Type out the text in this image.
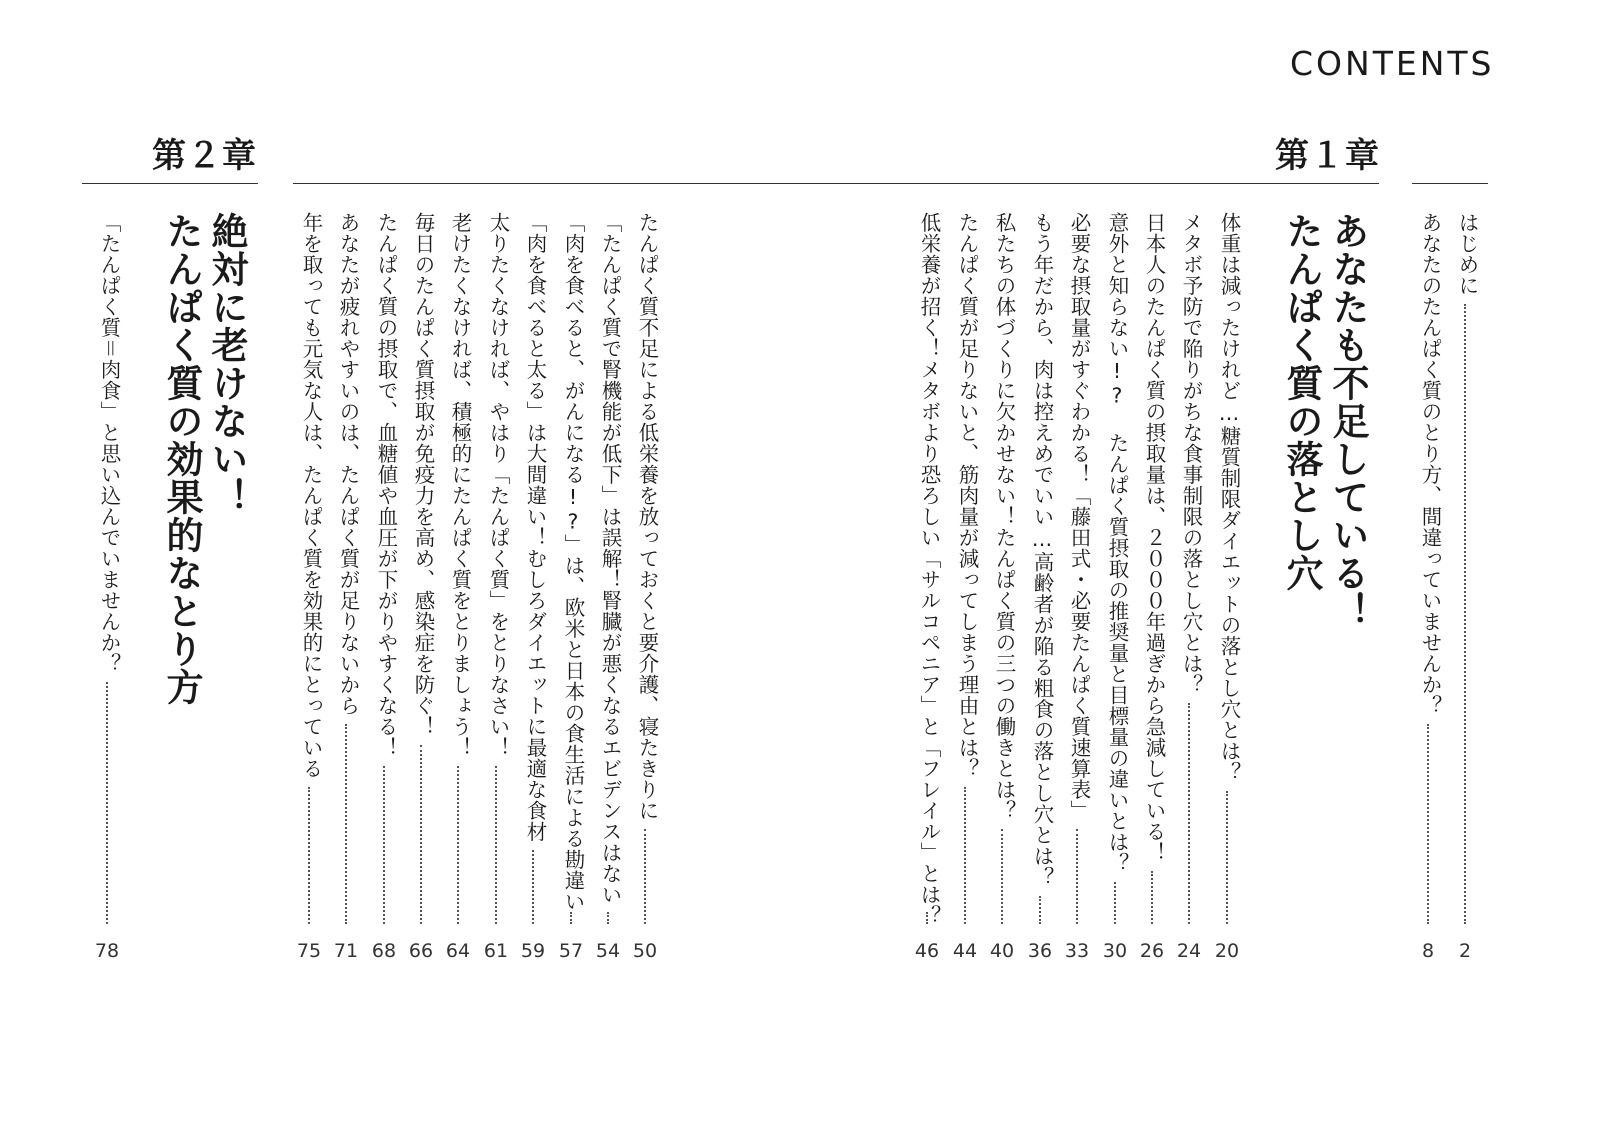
CONTENTS
第１章
第２章
はじめに
2
あなたのたんぱく質のとり方、間違っていませんか？
8
あなたも不足している！
たんぱく質の落とし穴
体重は減ったけれど…糖質制限ダイエットの落とし穴とは？
20
メタボ予防で陥りがちな食事制限の落とし穴とは？
24
日本人のたんぱく質の摂取量は、２０００年過ぎから急減している！
26
意外と知らない!? たんぱく質摂取の推奨量と目標量の違いとは？
30
必要な摂取量がすぐわかる！「藤田式・必要たんぱく質速算表」
33
もう年だから、肉は控えめでいい…高齢者が陥る粗食の落とし穴とは？
36
私たちの体づくりに欠かせない！たんぱく質の三つの働きとは？
40
たんぱく質が足りないと、筋肉量が減ってしまう理由とは？
44
低栄養が招く！メタボより恐ろしい「サルコペニア」と「フレイル」とは？
46
たんぱく質不足による低栄養を放っておくと要介護、寝たきりに
50
「たんぱく質で腎機能が低下」は誤解！腎臓が悪くなるエビデンスはない
54
「肉を食べると、がんになる!?」は、欧米と日本の食生活による勘違い
57
「肉を食べると太る」は大間違い！むしろダイエットに最適な食材
59
太りたくなければ、やはり「たんぱく質」をとりなさい！
61
老けたくなければ、積極的にたんぱく質をとりましょう！
64
毎日のたんぱく質摂取が免疫力を高め、感染症を防ぐ！
66
たんぱく質の摂取で、血糖値や血圧が下がりやすくなる！
68
あなたが疲れやすいのは、たんぱく質が足りないから
71
年を取っても元気な人は、たんぱく質を効果的にとっている
75
絶対に老けない！
たんぱく質の効果的なとり方
「たんぱく質＝肉食」と思い込んでいませんか？
78
